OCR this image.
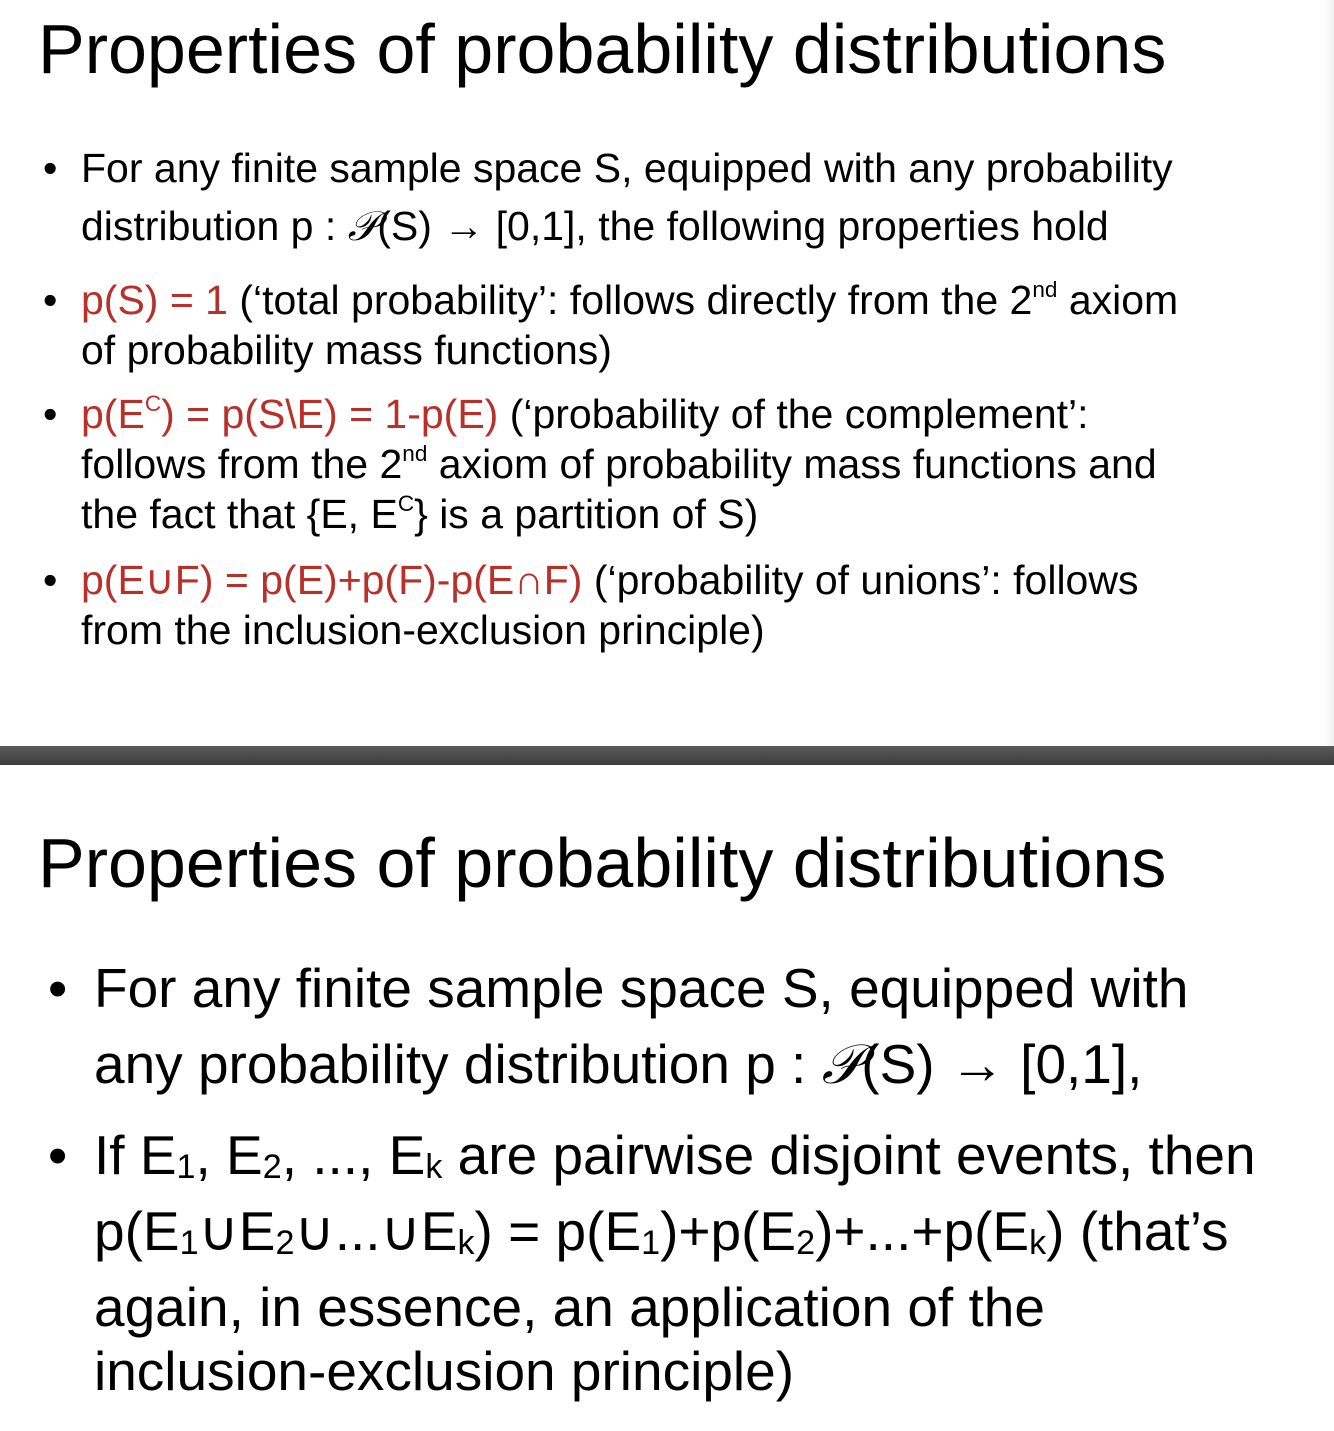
Properties of probability distributions
• For any finite sample space S, equipped with any probability
distribution p : 𝒫(S) → [0,1], the following properties hold
• p(S) = 1 (‘total probability’: follows directly from the 2nd axiom
of probability mass functions)
• $p(E^C)$ = p(S\E) = 1-p(E) (‘probability of the complement’:
follows from the 2nd axiom of probability mass functions and
the fact that {E, $E^C$} is a partition of S)
• p(E∪F) = p(E)+p(F)-p(E∩F) (‘probability of unions’: follows
from the inclusion-exclusion principle)
Properties of probability distributions
• For any finite sample space S, equipped with
any probability distribution p : 𝒫(S) → [0,1],
• If E1, E2, ..., Ek are pairwise disjoint events, then
p(E1∪E2∪...∪Ek) = p(E1)+p(E2)+...+p(Ek) (that’s
again, in essence, an application of the
inclusion-exclusion principle)
